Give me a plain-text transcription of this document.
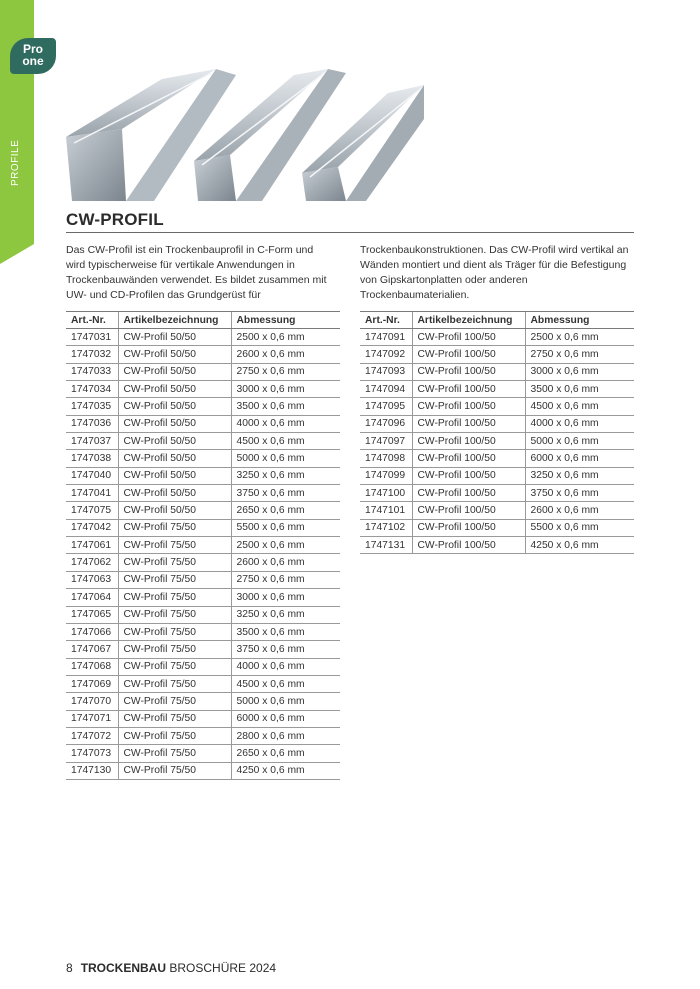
Pro
one
CW-PROFIL

Das CW-Profil ist ein Trockenbauprofil in C-Form und wird typischerweise für vertikale Anwendungen in Trockenbauwänden verwendet. Es bildet zusammen mit UW- und CD-Profilen das Grundgerüst für

Trockenbaukonstruktionen. Das CW-Profil wird vertikal an Wänden montiert und dient als Träger für die Befestigung von Gipskartonplatten oder anderen Trockenbaumaterialien.

Art.-Nr.	Artikelbezeichnung	Abmessung
1747031	CW-Profil 50/50	2500 x 0,6 mm
1747032	CW-Profil 50/50	2600 x 0,6 mm
1747033	CW-Profil 50/50	2750 x 0,6 mm
1747034	CW-Profil 50/50	3000 x 0,6 mm
1747035	CW-Profil 50/50	3500 x 0,6 mm
1747036	CW-Profil 50/50	4000 x 0,6 mm
1747037	CW-Profil 50/50	4500 x 0,6 mm
1747038	CW-Profil 50/50	5000 x 0,6 mm
1747040	CW-Profil 50/50	3250 x 0,6 mm
1747041	CW-Profil 50/50	3750 x 0,6 mm
1747075	CW-Profil 50/50	2650 x 0,6 mm
1747042	CW-Profil 75/50	5500 x 0,6 mm
1747061	CW-Profil 75/50	2500 x 0,6 mm
1747062	CW-Profil 75/50	2600 x 0,6 mm
1747063	CW-Profil 75/50	2750 x 0,6 mm
1747064	CW-Profil 75/50	3000 x 0,6 mm
1747065	CW-Profil 75/50	3250 x 0,6 mm
1747066	CW-Profil 75/50	3500 x 0,6 mm
1747067	CW-Profil 75/50	3750 x 0,6 mm
1747068	CW-Profil 75/50	4000 x 0,6 mm
1747069	CW-Profil 75/50	4500 x 0,6 mm
1747070	CW-Profil 75/50	5000 x 0,6 mm
1747071	CW-Profil 75/50	6000 x 0,6 mm
1747072	CW-Profil 75/50	2800 x 0,6 mm
1747073	CW-Profil 75/50	2650 x 0,6 mm
1747130	CW-Profil 75/50	4250 x 0,6 mm
Art.-Nr.	Artikelbezeichnung	Abmessung
1747091	CW-Profil 100/50	2500 x 0,6 mm
1747092	CW-Profil 100/50	2750 x 0,6 mm
1747093	CW-Profil 100/50	3000 x 0,6 mm
1747094	CW-Profil 100/50	3500 x 0,6 mm
1747095	CW-Profil 100/50	4500 x 0,6 mm
1747096	CW-Profil 100/50	4000 x 0,6 mm
1747097	CW-Profil 100/50	5000 x 0,6 mm
1747098	CW-Profil 100/50	6000 x 0,6 mm
1747099	CW-Profil 100/50	3250 x 0,6 mm
1747100	CW-Profil 100/50	3750 x 0,6 mm
1747101	CW-Profil 100/50	2600 x 0,6 mm
1747102	CW-Profil 100/50	5500 x 0,6 mm
1747131	CW-Profil 100/50	4250 x 0,6 mm
8 TROCKENBAU BROSCHÜRE 2024
